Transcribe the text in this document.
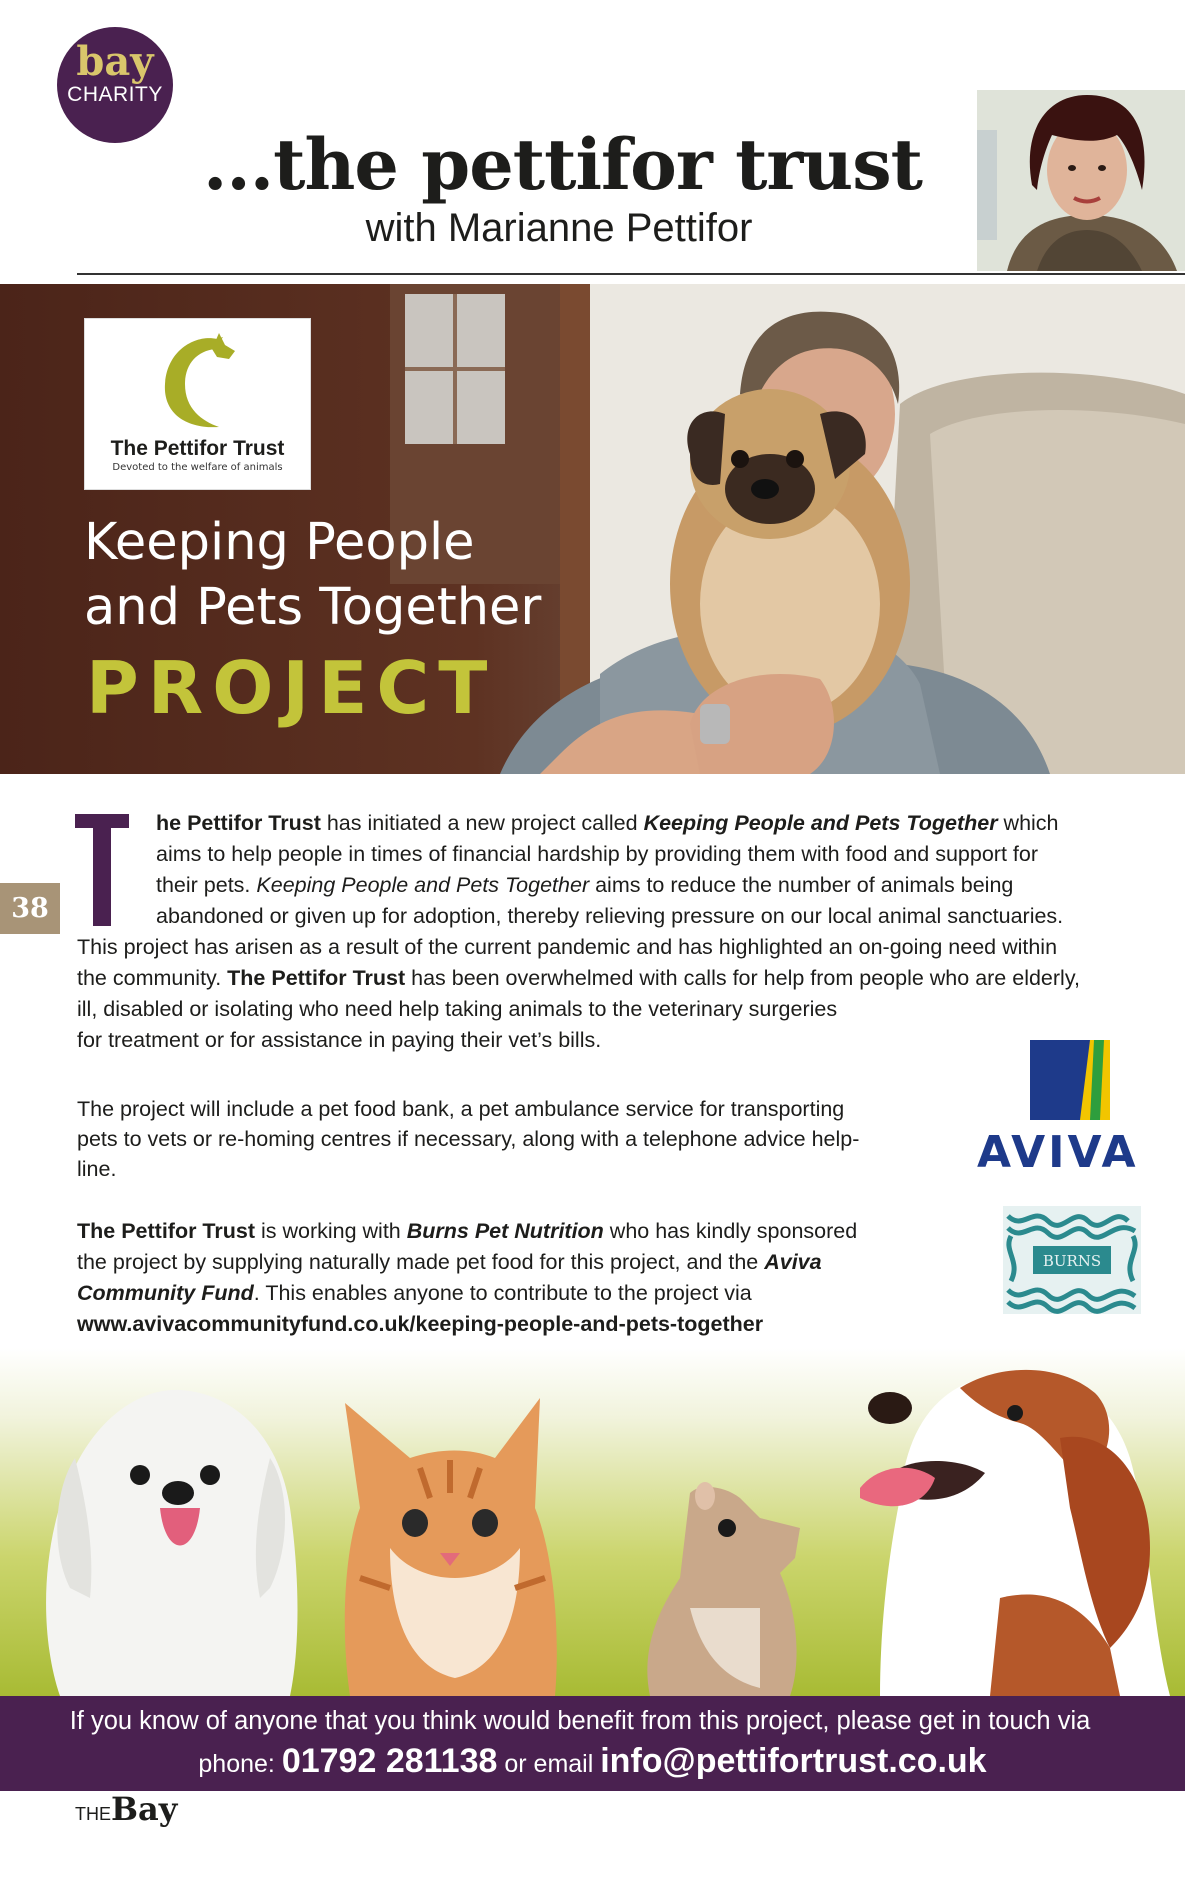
bay
CHARITY
...the pettifor trust
with Marianne Pettifor
The Pettifor Trust
Devoted to the welfare of animals
Keeping People
and Pets Together
PROJECT
38
he Pettifor Trust has initiated a new project called Keeping People and Pets Together which
aims to help people in times of financial hardship by providing them with food and support for
their pets. Keeping People and Pets Together aims to reduce the number of animals being
abandoned or given up for adoption, thereby relieving pressure on our local animal sanctuaries.
This project has arisen as a result of the current pandemic and has highlighted an on-going need within
the community. The Pettifor Trust has been overwhelmed with calls for help from people who are elderly,
ill, disabled or isolating who need help taking animals to the veterinary surgeries
for treatment or for assistance in paying their vet’s bills.
The project will include a pet food bank, a pet ambulance service for transporting
pets to vets or re-homing centres if necessary, along with a telephone advice help-
line.
The Pettifor Trust is working with Burns Pet Nutrition who has kindly sponsored
the project by supplying naturally made pet food for this project, and the Aviva
Community Fund. This enables anyone to contribute to the project via
www.avivacommunityfund.co.uk/keeping-people-and-pets-together
AVIVA
BURNS
If you know of anyone that you think would benefit from this project, please get in touch via
phone: 01792 281138 or email info@pettifortrust.co.uk
THEBay
